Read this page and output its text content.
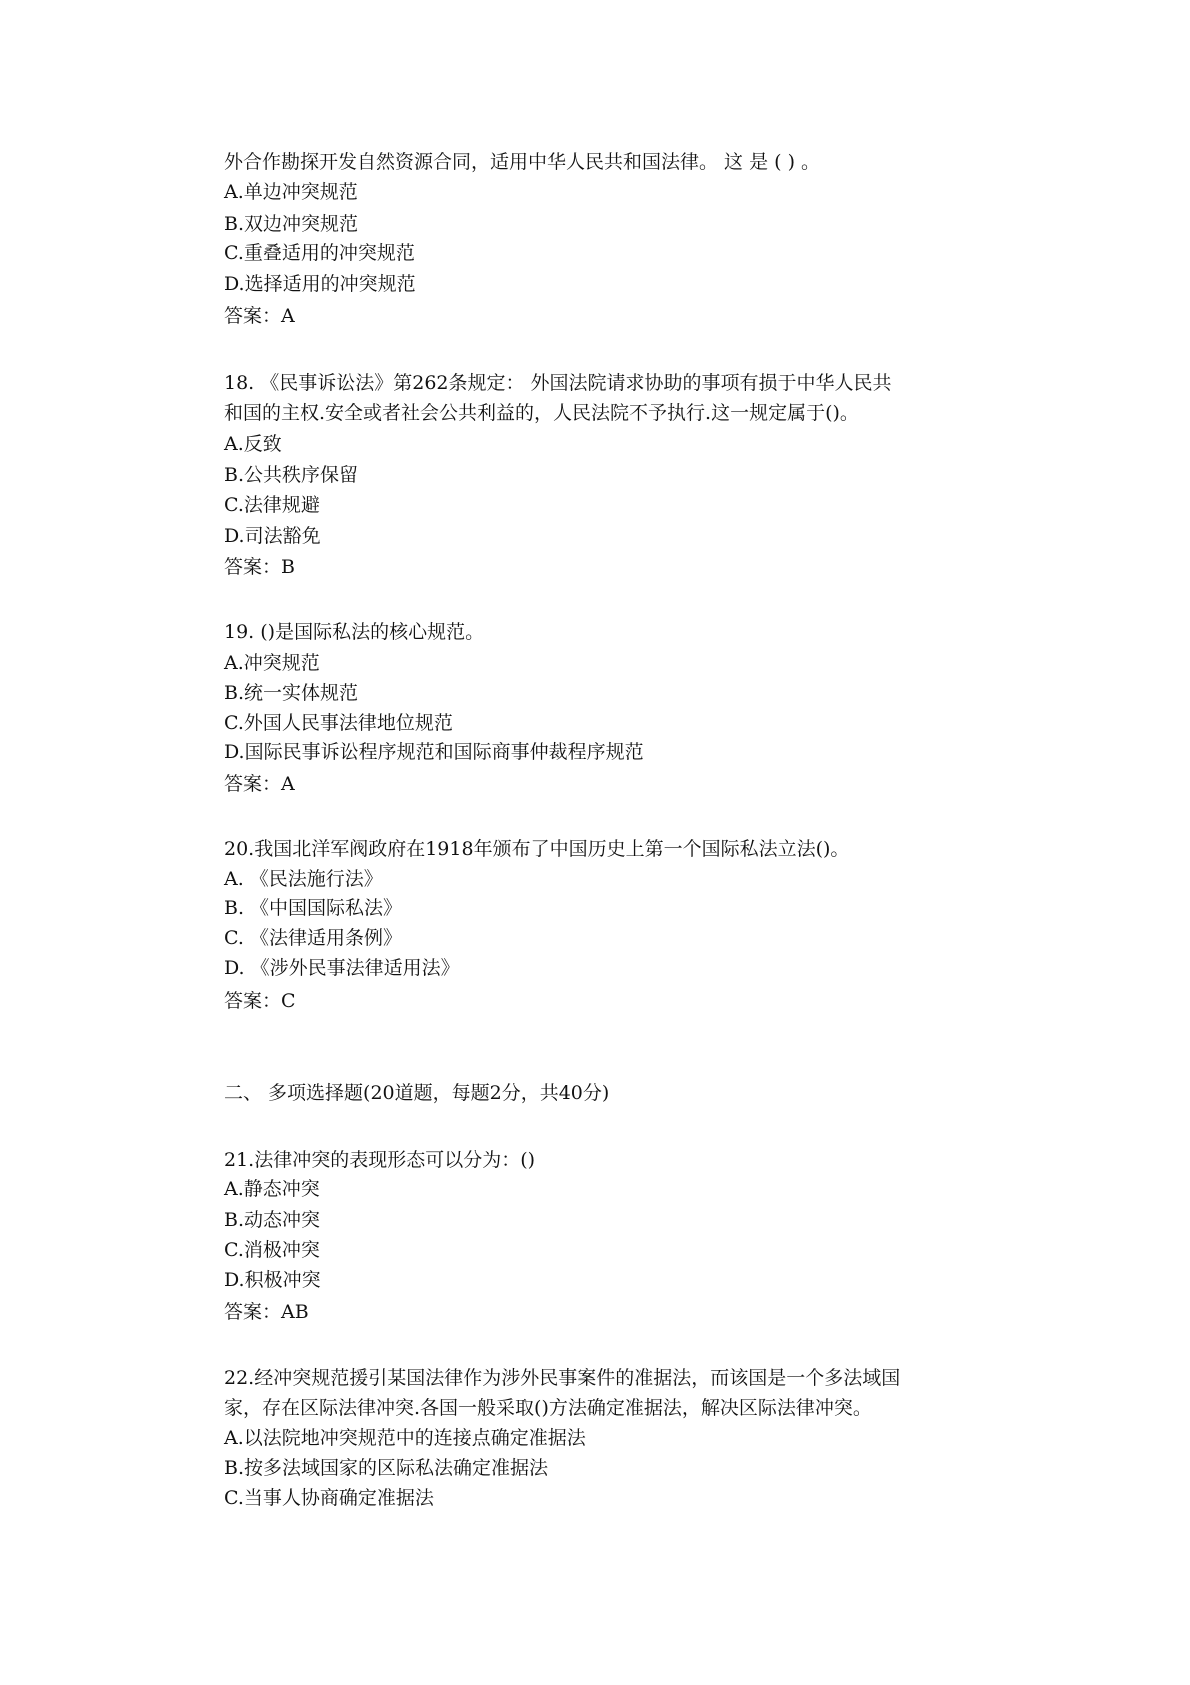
外合作勘探开发自然资源合同，适用中华人民共和国法律。 这 是 ( ) 。
A.单边冲突规范
B.双边冲突规范
C.重叠适用的冲突规范
D.选择适用的冲突规范
答案：A
18. 《民事诉讼法》第262条规定： 外国法院请求协助的事项有损于中华人民共
和国的主权.安全或者社会公共利益的，人民法院不予执行.这一规定属于()。
A.反致
B.公共秩序保留
C.法律规避
D.司法豁免
答案：B
19. ()是国际私法的核心规范。
A.冲突规范
B.统一实体规范
C.外国人民事法律地位规范
D.国际民事诉讼程序规范和国际商事仲裁程序规范
答案：A
20.我国北洋军阀政府在1918年颁布了中国历史上第一个国际私法立法()。
A. 《民法施行法》
B. 《中国国际私法》
C. 《法律适用条例》
D. 《涉外民事法律适用法》
答案：C
二、 多项选择题(20道题，每题2分，共40分)
21.法律冲突的表现形态可以分为：()
A.静态冲突
B.动态冲突
C.消极冲突
D.积极冲突
答案：AB
22.经冲突规范援引某国法律作为涉外民事案件的准据法，而该国是一个多法域国
家，存在区际法律冲突.各国一般采取()方法确定准据法，解决区际法律冲突。
A.以法院地冲突规范中的连接点确定准据法
B.按多法域国家的区际私法确定准据法
C.当事人协商确定准据法
